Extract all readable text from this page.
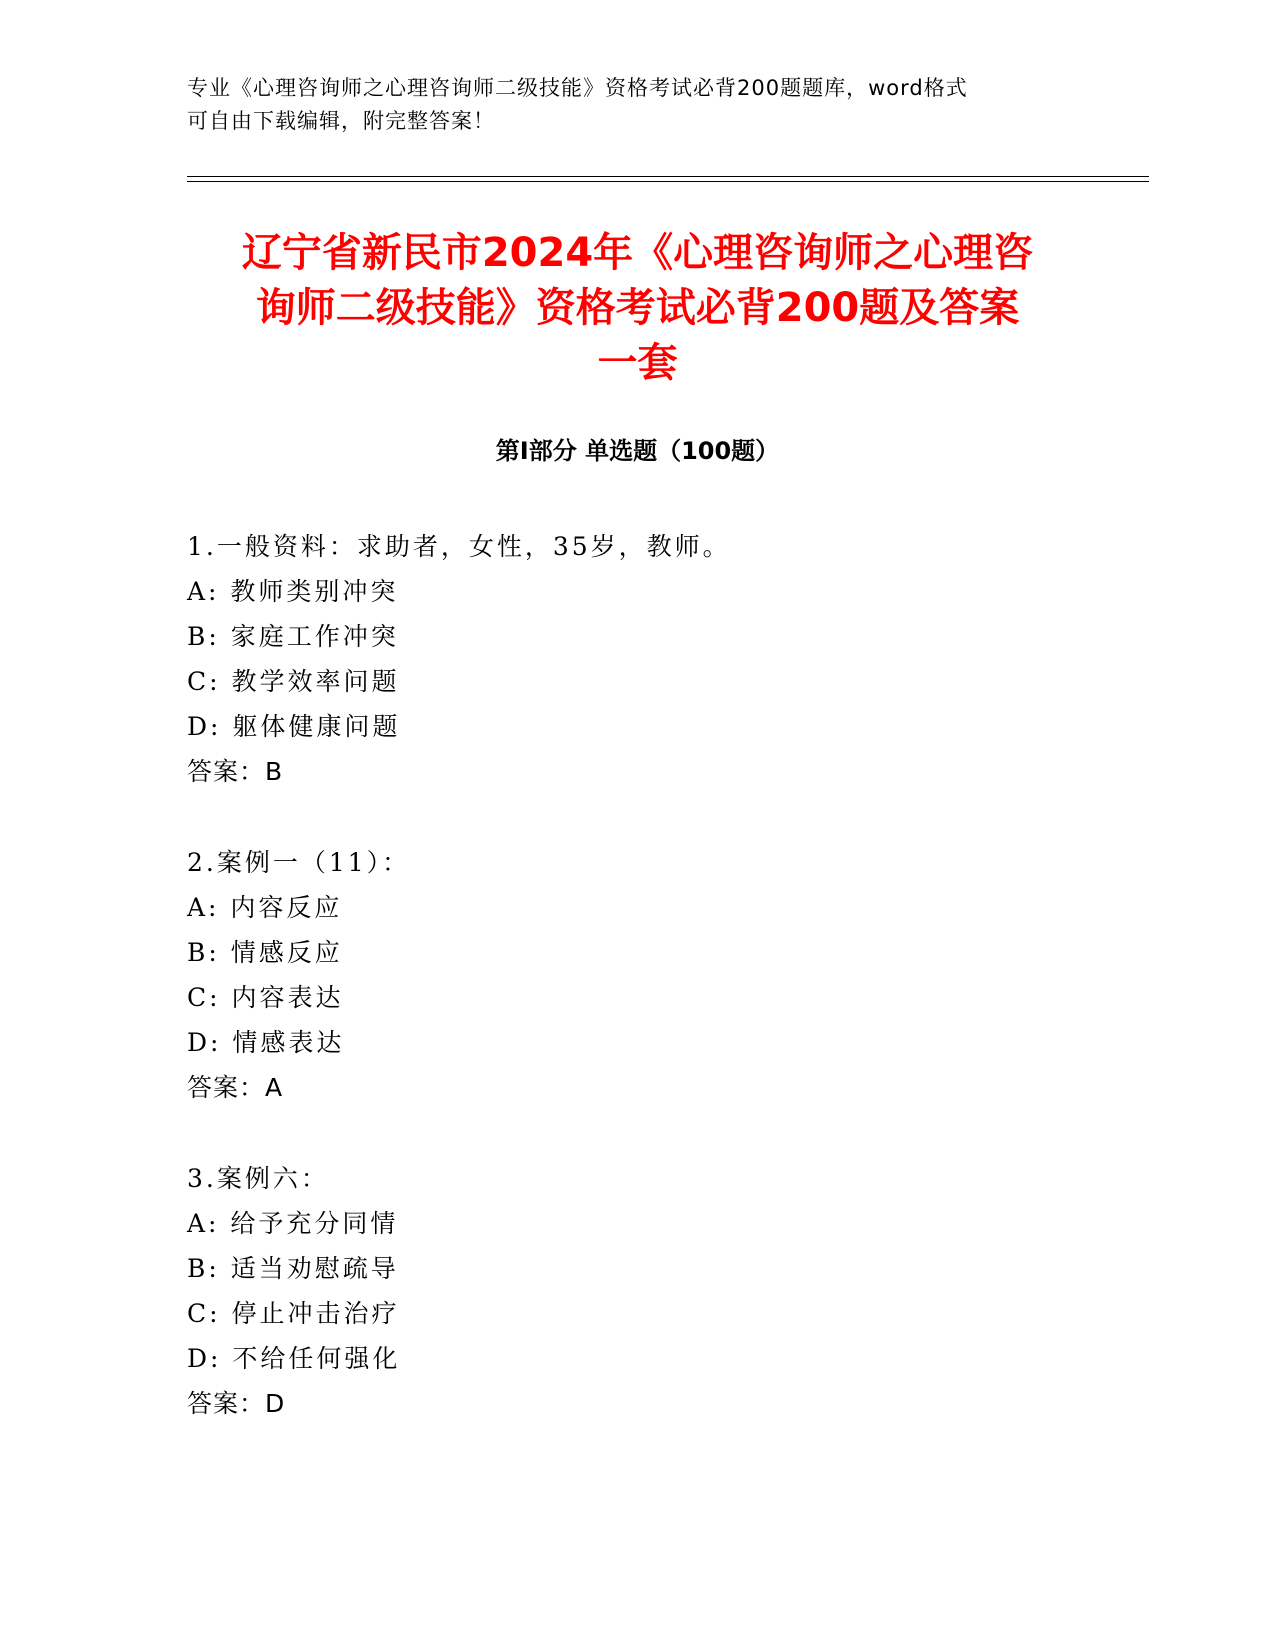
专业《心理咨询师之心理咨询师二级技能》资格考试必背200题题库，word格式
可自由下载编辑，附完整答案！
辽宁省新民市2024年《心理咨询师之心理咨
询师二级技能》资格考试必背200题及答案
一套
第I部分 单选题（100题）
1.一般资料：求助者，女性，35岁，教师。
A: 教师类别冲突
B: 家庭工作冲突
C: 教学效率问题
D: 躯体健康问题
答案：B
2.案例一（11）：
A: 内容反应
B: 情感反应
C: 内容表达
D: 情感表达
答案：A
3.案例六：
A: 给予充分同情
B: 适当劝慰疏导
C: 停止冲击治疗
D: 不给任何强化
答案：D
